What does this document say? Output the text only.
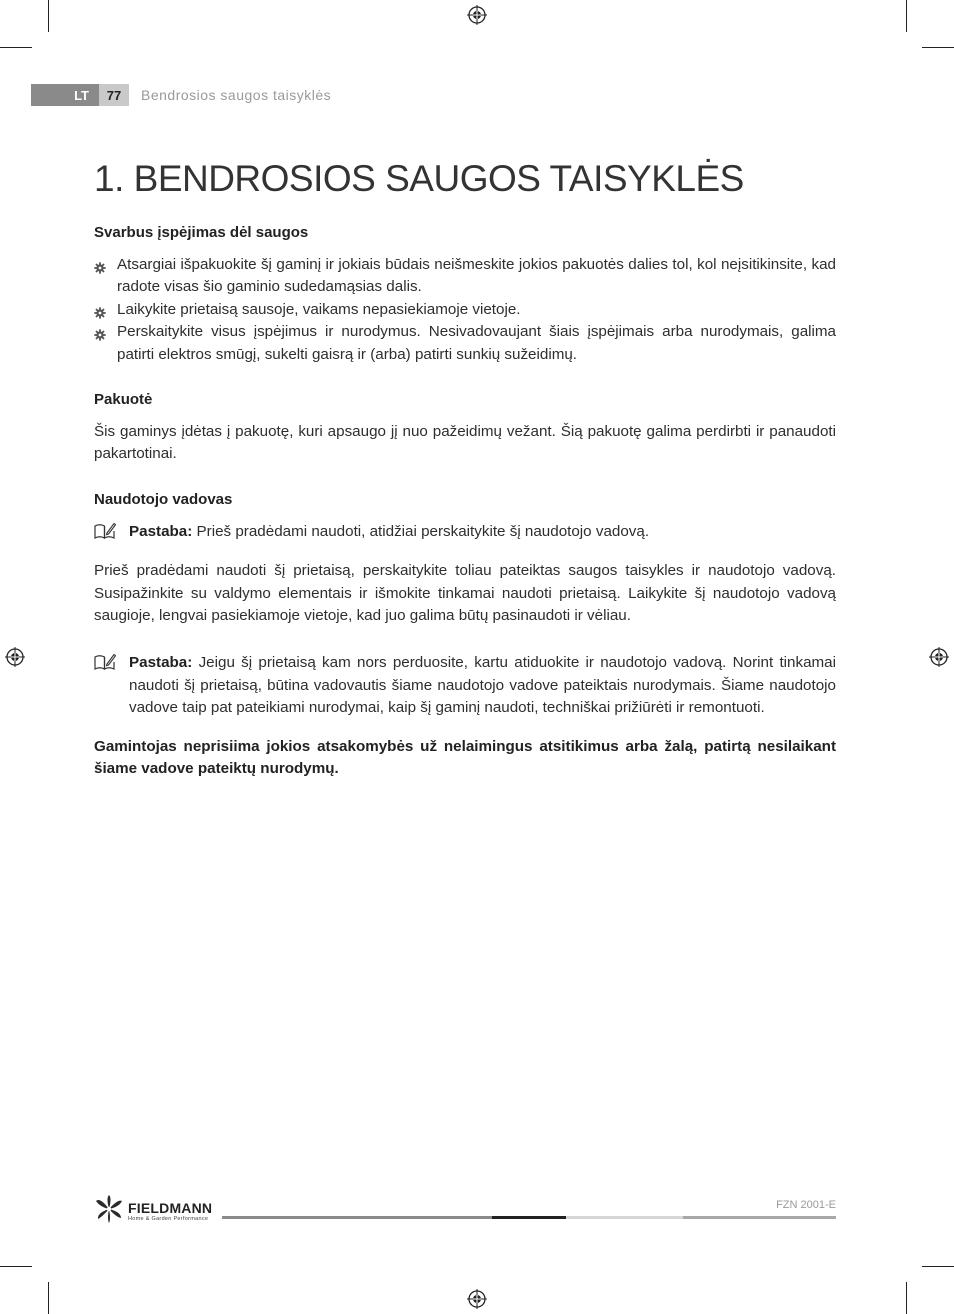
LT	77	Bendrosios saugos taisyklės
1. BENDROSIOS SAUGOS TAISYKLĖS
Svarbus įspėjimas dėl saugos
Atsargiai išpakuokite šį gaminį ir jokiais būdais neišmeskite jokios pakuotės dalies tol, kol neįsitikinsite, kad radote visas šio gaminio sudedamąsias dalis.
Laikykite prietaisą sausoje, vaikams nepasiekiamoje vietoje.
Perskaitykite visus įspėjimus ir nurodymus. Nesivadovaujant šiais įspėjimais arba nurodymais, galima patirti elektros smūgį, sukelti gaisrą ir (arba) patirti sunkių sužeidimų.
Pakuotė

Šis gaminys įdėtas į pakuotę, kuri apsaugo jį nuo pažeidimų vežant. Šią pakuotę galima perdirbti ir panaudoti pakartotinai.

Naudotojo vadovas

Pastaba: Prieš pradėdami naudoti, atidžiai perskaitykite šį naudotojo vadovą.

Prieš pradėdami naudoti šį prietaisą, perskaitykite toliau pateiktas saugos taisykles ir naudotojo vadovą. Susipažinkite su valdymo elementais ir išmokite tinkamai naudoti prietaisą. Laikykite šį naudotojo vadovą saugioje, lengvai pasiekiamoje vietoje, kad juo galima būtų pasinaudoti ir vėliau.

Pastaba: Jeigu šį prietaisą kam nors perduosite, kartu atiduokite ir naudotojo vadovą. Norint tinkamai naudoti šį prietaisą, būtina vadovautis šiame naudotojo vadove pateiktais nurodymais. Šiame naudotojo vadove taip pat pateikiami nurodymai, kaip šį gaminį naudoti, techniškai prižiūrėti ir remontuoti.

Gamintojas neprisiima jokios atsakomybės už nelaimingus atsitikimus arba žalą, patirtą nesilaikant šiame vadove pateiktų nurodymų.

FIELDMANN
Home & Garden Performance
FZN 2001-E
